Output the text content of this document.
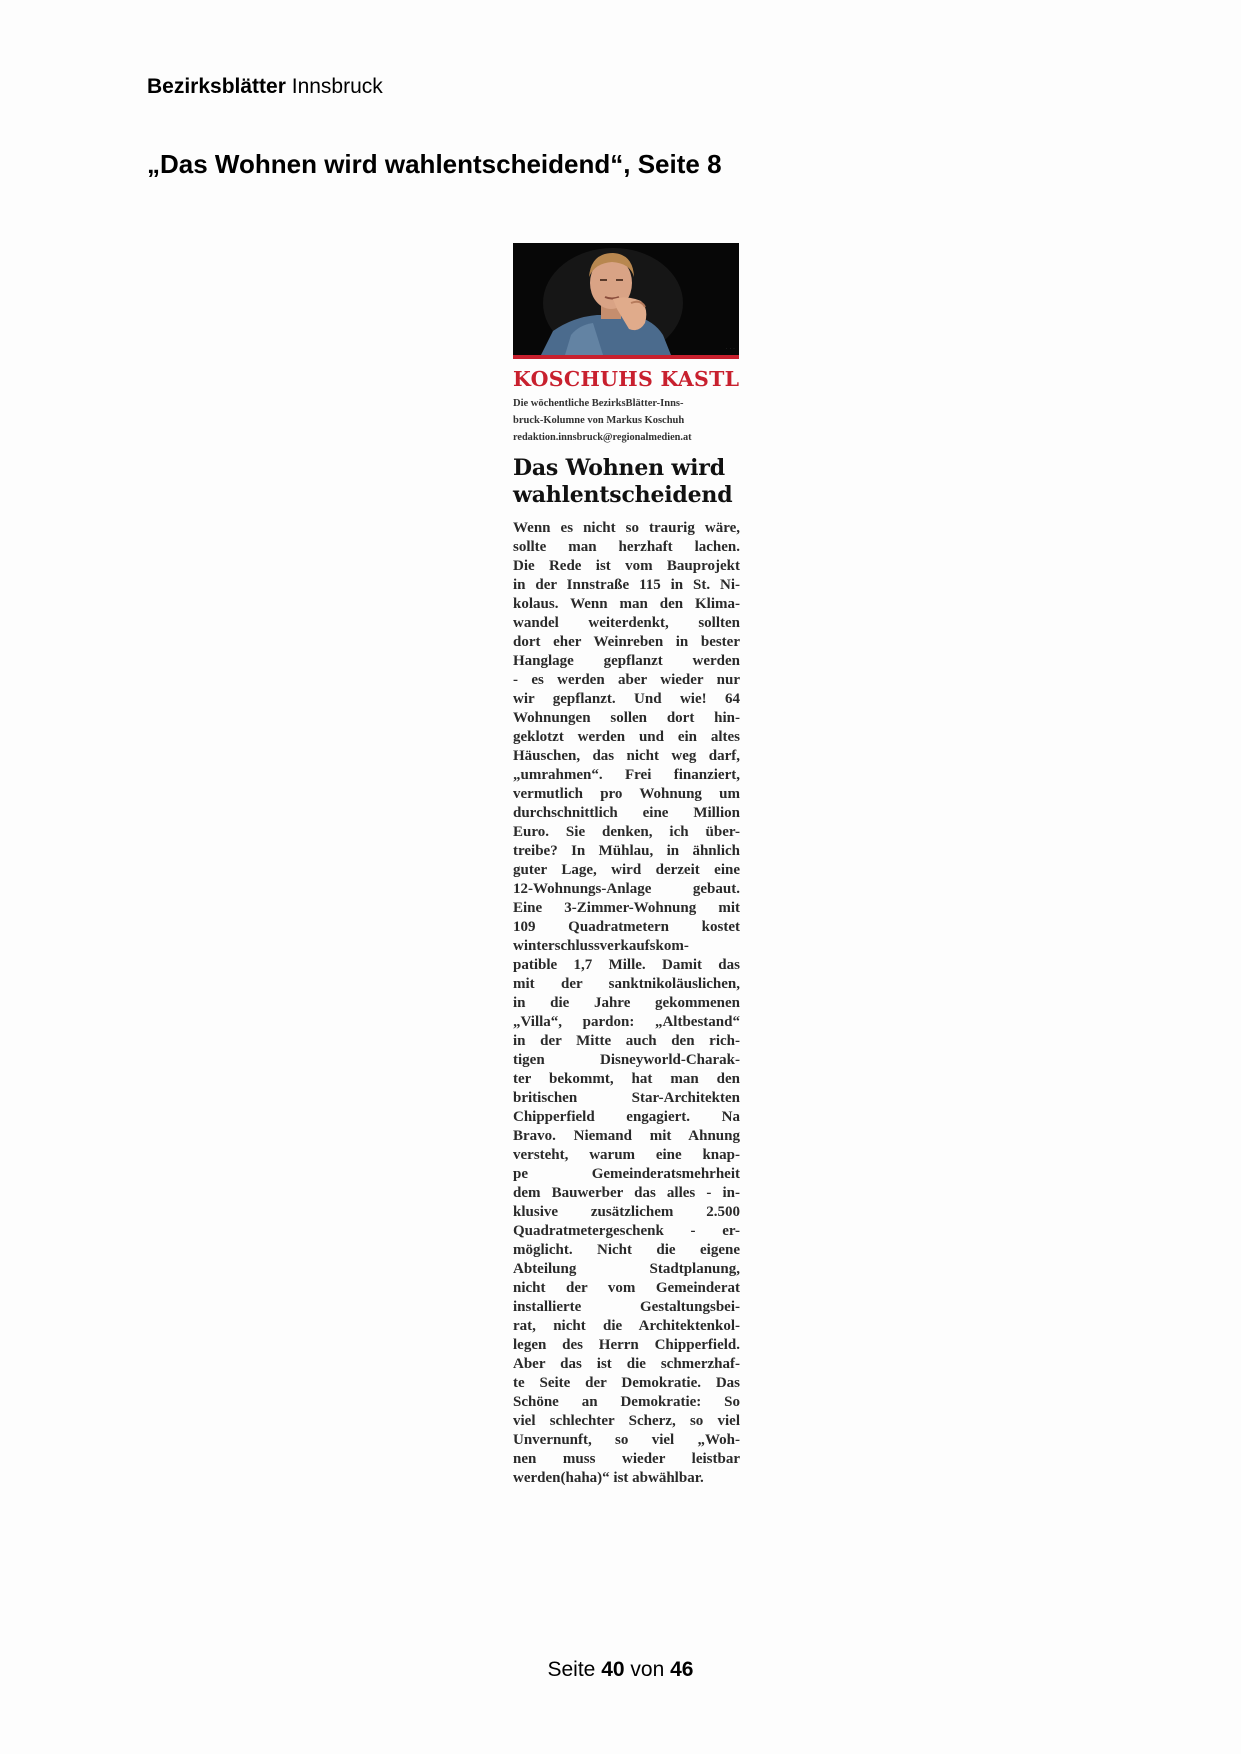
Bezirksblätter Innsbruck
„Das Wohnen wird wahlentscheidend“, Seite 8
· · ·
KOSCHUHS KASTL
Die wöchentliche BezirksBlätter-Inns-
bruck-Kolumne von Markus Koschuh
redaktion.innsbruck@regionalmedien.at
Das Wohnen wird
wahlentscheidend
Wenn es nicht so traurig wäre,
sollte man herzhaft lachen.
Die Rede ist vom Bauprojekt
in der Innstraße 115 in St. Ni-
kolaus. Wenn man den Klima-
wandel weiterdenkt, sollten
dort eher Weinreben in bester
Hanglage gepflanzt werden
- es werden aber wieder nur
wir gepflanzt. Und wie! 64
Wohnungen sollen dort hin-
geklotzt werden und ein altes
Häuschen, das nicht weg darf,
„umrahmen“. Frei finanziert,
vermutlich pro Wohnung um
durchschnittlich eine Million
Euro. Sie denken, ich über-
treibe? In Mühlau, in ähnlich
guter Lage, wird derzeit eine
12-Wohnungs-Anlage gebaut.
Eine 3-Zimmer-Wohnung mit
109 Quadratmetern kostet
winterschlussverkaufskom-
patible 1,7 Mille. Damit das
mit der sanktnikoläuslichen,
in die Jahre gekommenen
„Villa“, pardon: „Altbestand“
in der Mitte auch den rich-
tigen Disneyworld-Charak-
ter bekommt, hat man den
britischen Star-Architekten
Chipperfield engagiert. Na
Bravo. Niemand mit Ahnung
versteht, warum eine knap-
pe Gemeinderatsmehrheit
dem Bauwerber das alles - in-
klusive zusätzlichem 2.500
Quadratmetergeschenk - er-
möglicht. Nicht die eigene
Abteilung Stadtplanung,
nicht der vom Gemeinderat
installierte Gestaltungsbei-
rat, nicht die Architektenkol-
legen des Herrn Chipperfield.
Aber das ist die schmerzhaf-
te Seite der Demokratie. Das
Schöne an Demokratie: So
viel schlechter Scherz, so viel
Unvernunft, so viel „Woh-
nen muss wieder leistbar
werden(haha)“ ist abwählbar.
Seite 40 von 46
